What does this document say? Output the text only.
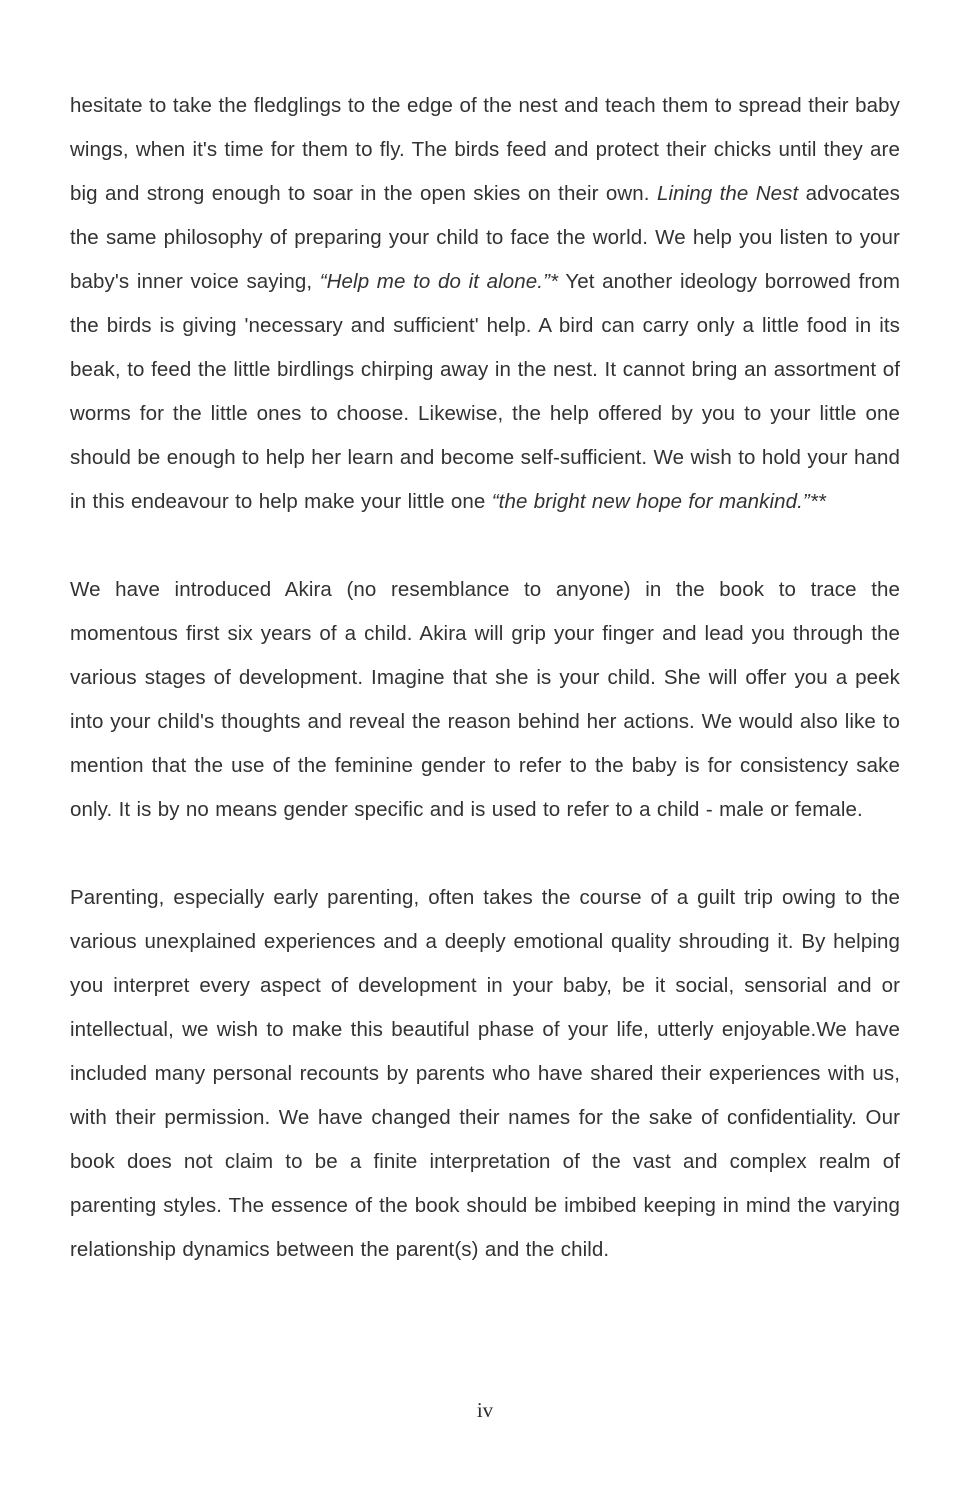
hesitate to take the fledglings to the edge of the nest and teach them to spread their baby wings, when it's time for them to fly. The birds feed and protect their chicks until they are big and strong enough to soar in the open skies on their own. Lining the Nest advocates the same philosophy of preparing your child to face the world. We help you listen to your baby's inner voice saying, “Help me to do it alone.”* Yet another ideology borrowed from the birds is giving 'necessary and sufficient' help. A bird can carry only a little food in its beak, to feed the little birdlings chirping away in the nest. It cannot bring an assortment of worms for the little ones to choose. Likewise, the help offered by you to your little one should be enough to help her learn and become self-sufficient. We wish to hold your hand in this endeavour to help make your little one “the bright new hope for mankind.”**

We have introduced Akira (no resemblance to anyone) in the book to trace the momentous first six years of a child. Akira will grip your finger and lead you through the various stages of development. Imagine that she is your child. She will offer you a peek into your child's thoughts and reveal the reason behind her actions. We would also like to mention that the use of the feminine gender to refer to the baby is for consistency sake only. It is by no means gender specific and is used to refer to a child - male or female.

Parenting, especially early parenting, often takes the course of a guilt trip owing to the various unexplained experiences and a deeply emotional quality shrouding it. By helping you interpret every aspect of development in your baby, be it social, sensorial and or intellectual, we wish to make this beautiful phase of your life, utterly enjoyable.We have included many personal recounts by parents who have shared their experiences with us, with their permission. We have changed their names for the sake of confidentiality. Our book does not claim to be a finite interpretation of the vast and complex realm of parenting styles. The essence of the book should be imbibed keeping in mind the varying relationship dynamics between the parent(s) and the child.

iv
